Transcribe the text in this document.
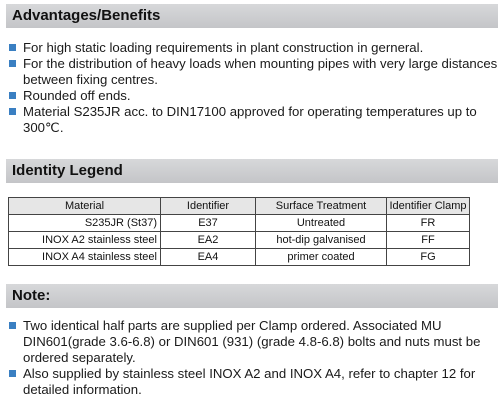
Advantages/Benefits
For high static loading requirements in plant construction in gerneral.
For the distribution of heavy loads when mounting pipes with very large distances between fixing centres.
Rounded off ends.
Material S235JR acc. to DIN17100 approved for operating temperatures up to 300℃.
Identity Legend
Material	Identifier	Surface Treatment	Identifier Clamp
S235JR (St37)	E37	Untreated	FR
INOX A2 stainless steel	EA2	hot-dip galvanised	FF
INOX A4 stainless steel	EA4	primer coated	FG
Note:
Two identical half parts are supplied per Clamp ordered. Associated MU DIN601(grade 3.6-6.8) or DIN601 (931) (grade 4.8-6.8) bolts and nuts must be ordered separately.
Also supplied by stainless steel INOX A2 and INOX A4, refer to chapter 12 for detailed information.
